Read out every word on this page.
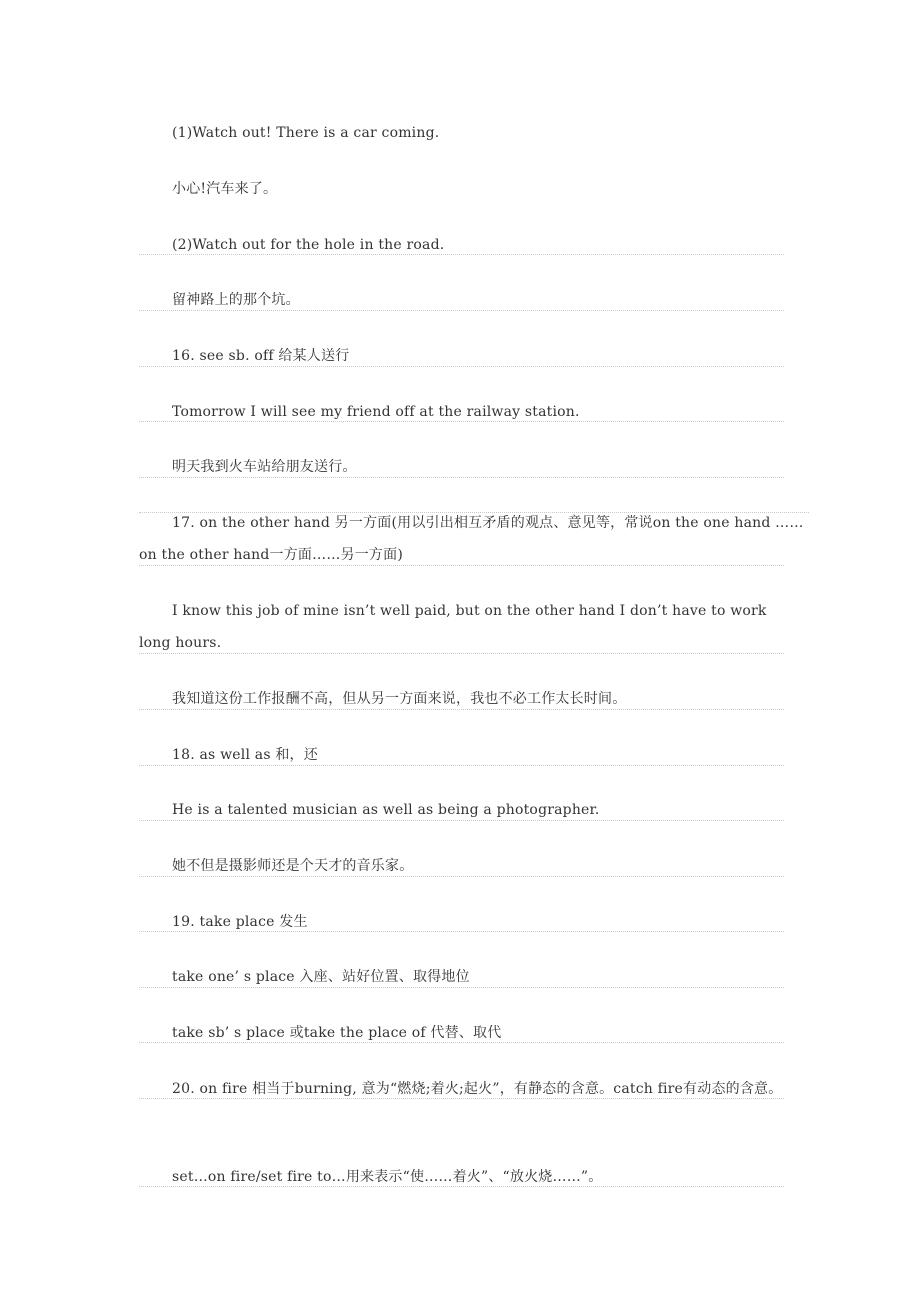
(1)Watch out! There is a car coming.
小心!汽车来了。
(2)Watch out for the hole in the road.
留神路上的那个坑。
16. see sb. off 给某人送行
Tomorrow I will see my friend off at the railway station.
明天我到火车站给朋友送行。
17. on the other hand 另一方面(用以引出相互矛盾的观点、意见等，常说on the one hand …… on the other hand一方面……另一方面)
I know this job of mine isn’t well paid, but on the other hand I don’t have to work long hours.
我知道这份工作报酬不高，但从另一方面来说，我也不必工作太长时间。
18. as well as 和，还
He is a talented musician as well as being a photographer.
她不但是摄影师还是个天才的音乐家。
19. take place 发生
take one’ s place 入座、站好位置、取得地位
take sb’ s place 或take the place of 代替、取代
20. on fire 相当于burning, 意为“燃烧;着火;起火”，有静态的含意。catch fire有动态的含意。
set…on fire/set fire to…用来表示“使……着火”、“放火烧……”。
